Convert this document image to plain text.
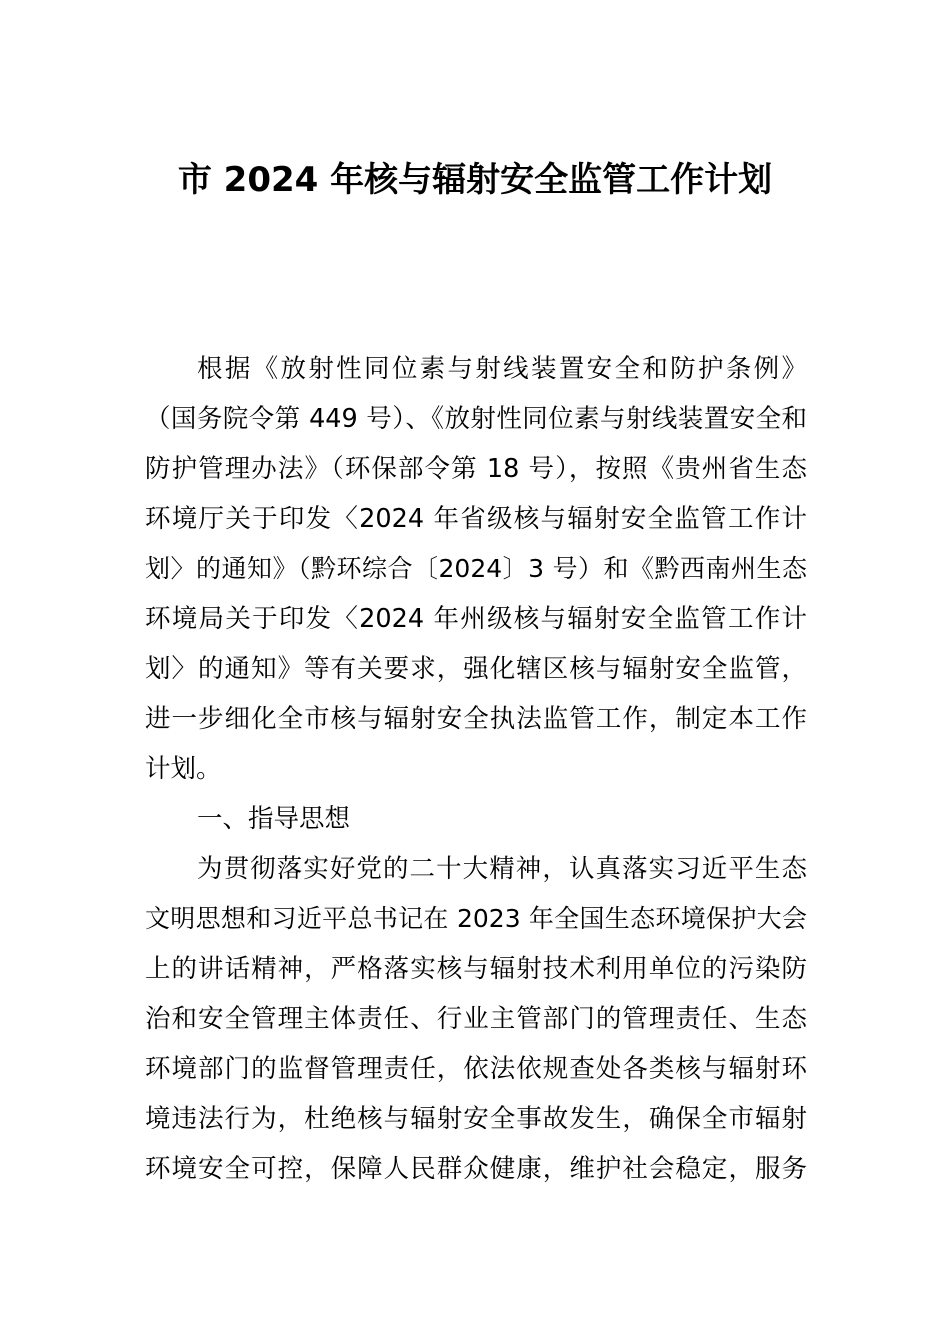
市 2024 年核与辐射安全监管工作计划
根据《放射性同位素与射线装置安全和防护条例》
（国务院令第 449 号）、《放射性同位素与射线装置安全和
防护管理办法》（环保部令第 18 号），按照《贵州省生态
环境厅关于印发〈2024 年省级核与辐射安全监管工作计
划〉的通知》（黔环综合〔2024〕3 号）和《黔西南州生态
环境局关于印发〈2024 年州级核与辐射安全监管工作计
划〉的通知》等有关要求，强化辖区核与辐射安全监管，
进一步细化全市核与辐射安全执法监管工作，制定本工作
计划。
一、指导思想
为贯彻落实好党的二十大精神，认真落实习近平生态
文明思想和习近平总书记在 2023 年全国生态环境保护大会
上的讲话精神，严格落实核与辐射技术利用单位的污染防
治和安全管理主体责任、行业主管部门的管理责任、生态
环境部门的监督管理责任，依法依规查处各类核与辐射环
境违法行为，杜绝核与辐射安全事故发生，确保全市辐射
环境安全可控，保障人民群众健康，维护社会稳定，服务
